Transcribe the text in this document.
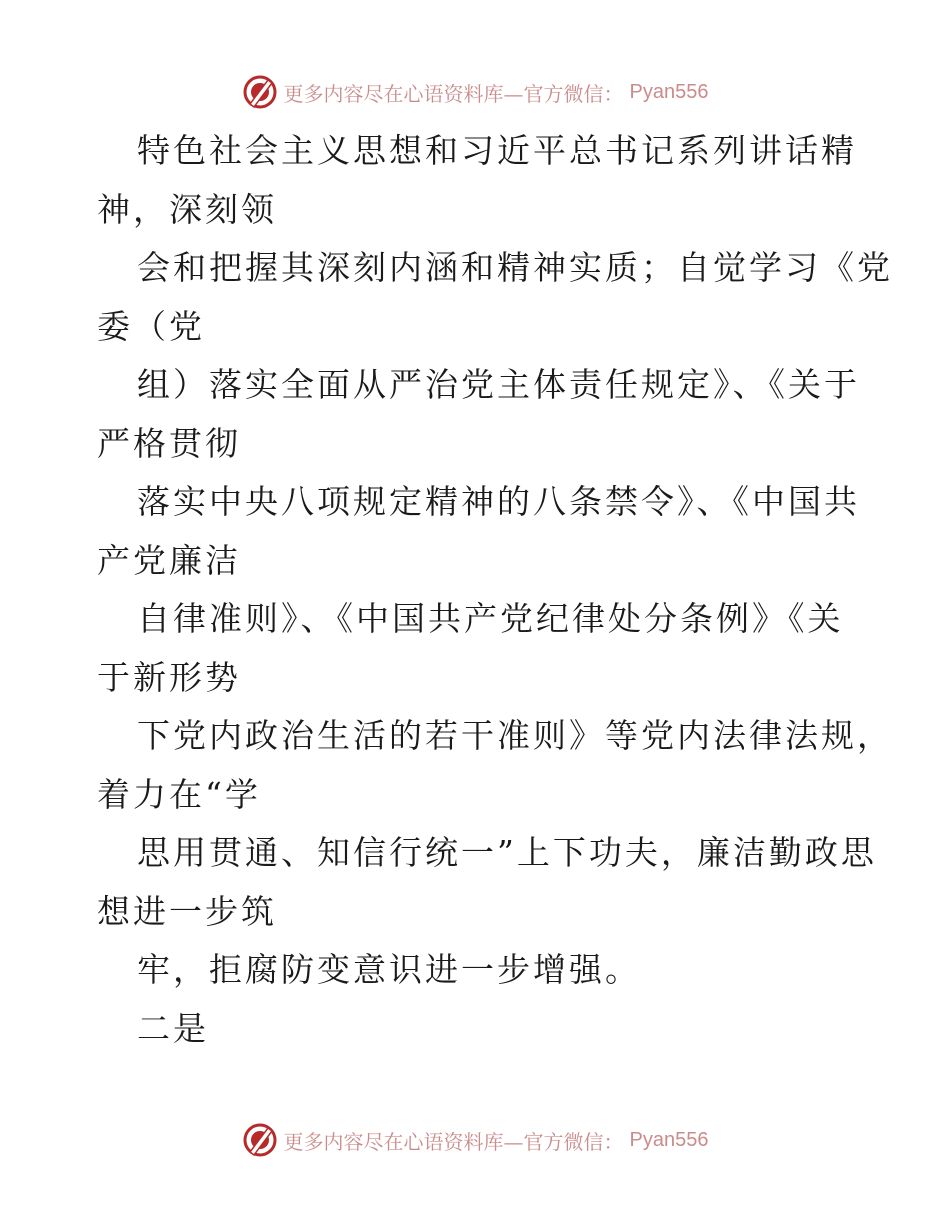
更多内容尽在心语资料库—官方微信： Pyan556
特色社会主义思想和习近平总书记系列讲话精
神，深刻领
会和把握其深刻内涵和精神实质；自觉学习《党
委（党
组）落实全面从严治党主体责任规定》、《关于
严格贯彻
落实中央八项规定精神的八条禁令》、《中国共
产党廉洁
自律准则》、《中国共产党纪律处分条例》《关
于新形势
下党内政治生活的若干准则》等党内法律法规，
着力在“学
思用贯通、知信行统一”上下功夫，廉洁勤政思
想进一步筑
牢，拒腐防变意识进一步增强。
二是
更多内容尽在心语资料库—官方微信： Pyan556
